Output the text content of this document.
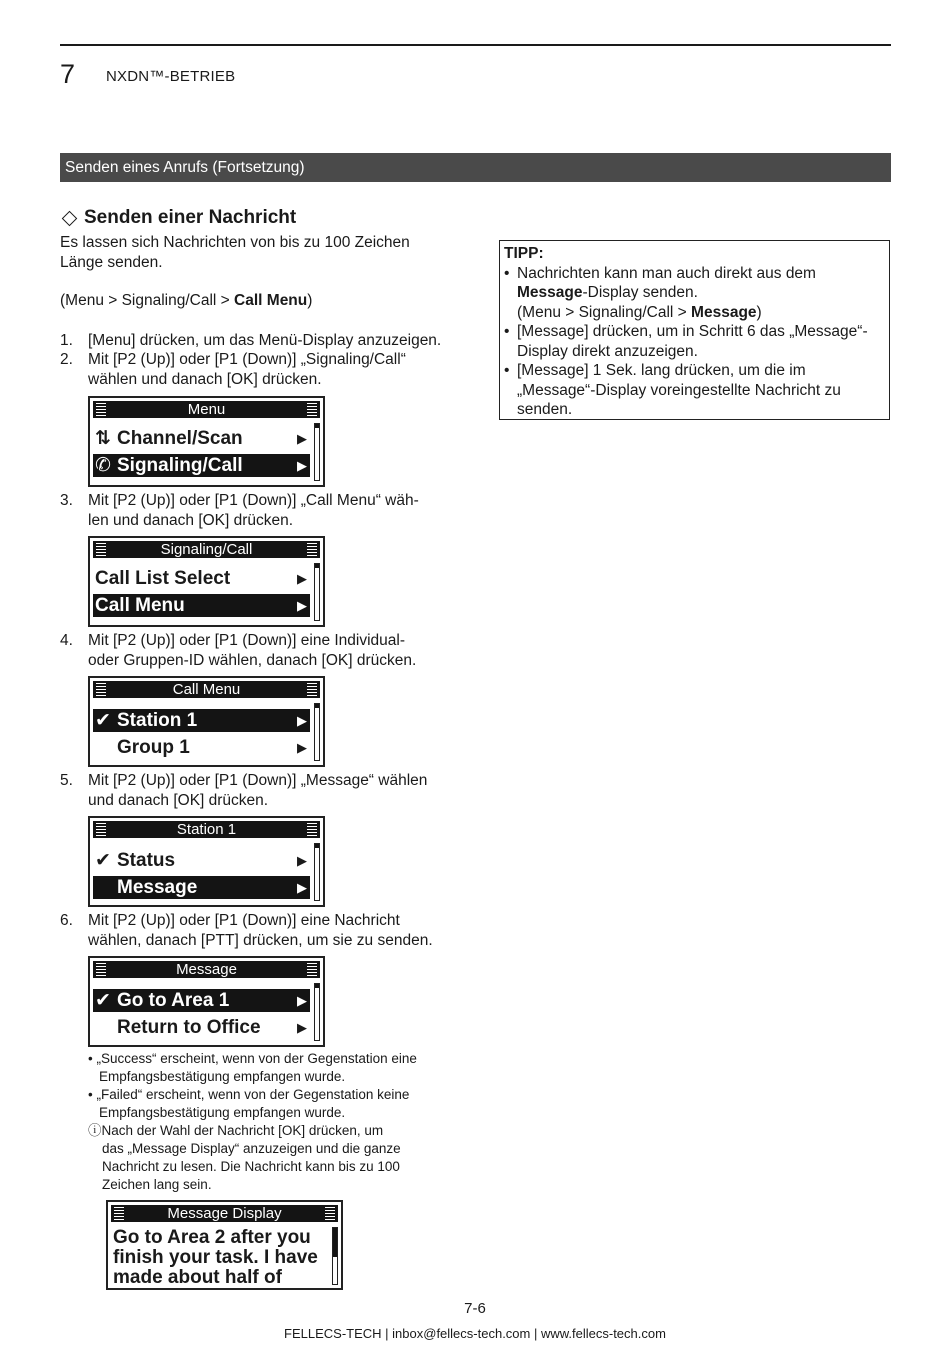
7 NXDN™-BETRIEB
Senden eines Anrufs (Fortsetzung)
Senden einer Nachricht
Es lassen sich Nachrichten von bis zu 100 Zeichen
Länge senden.
(Menu > Signaling/Call > Call Menu)
1. [Menu] drücken, um das Menü-Display anzuzeigen.
2. Mit [P2 (Up)] oder [P1 (Down)] „Signaling/Call“
wählen und danach [OK] drücken.
Menu
⇅ Channel/Scan	▶
✆ Signaling/Call	▶
3. Mit [P2 (Up)] oder [P1 (Down)] „Call Menu“ wäh-
len und danach [OK] drücken.
Signaling/Call
Call List Select	▶
Call Menu	▶
4. Mit [P2 (Up)] oder [P1 (Down)] eine Individual-
oder Gruppen-ID wählen, danach [OK] drücken.
Call Menu
✔ Station 1	▶
Group 1	▶
5. Mit [P2 (Up)] oder [P1 (Down)] „Message“ wählen
und danach [OK] drücken.
Station 1
✔ Status	▶
Message	▶
6. Mit [P2 (Up)] oder [P1 (Down)] eine Nachricht
wählen, danach [PTT] drücken, um sie zu senden.
Message
✔ Go to Area 1	▶
Return to Office	▶
• „Success“ erscheint, wenn von der Gegenstation eine
Empfangsbestätigung empfangen wurde.
• „Failed“ erscheint, wenn von der Gegenstation keine
Empfangsbestätigung empfangen wurde.
ⓘNach der Wahl der Nachricht [OK] drücken, um
das „Message Display“ anzuzeigen und die ganze
Nachricht zu lesen. Die Nachricht kann bis zu 100
Zeichen lang sein.
Message Display
Go to Area 2 after you
finish your task. I have
made about half of
TIPP:
• Nachrichten kann man auch direkt aus dem
Message-Display senden.
(Menu > Signaling/Call > Message)
• [Message] drücken, um in Schritt 6 das „Message“-
Display direkt anzuzeigen.
• [Message] 1 Sek. lang drücken, um die im
„Message“-Display voreingestellte Nachricht zu
senden.
7-6
FELLECS-TECH | inbox@fellecs-tech.com | www.fellecs-tech.com
